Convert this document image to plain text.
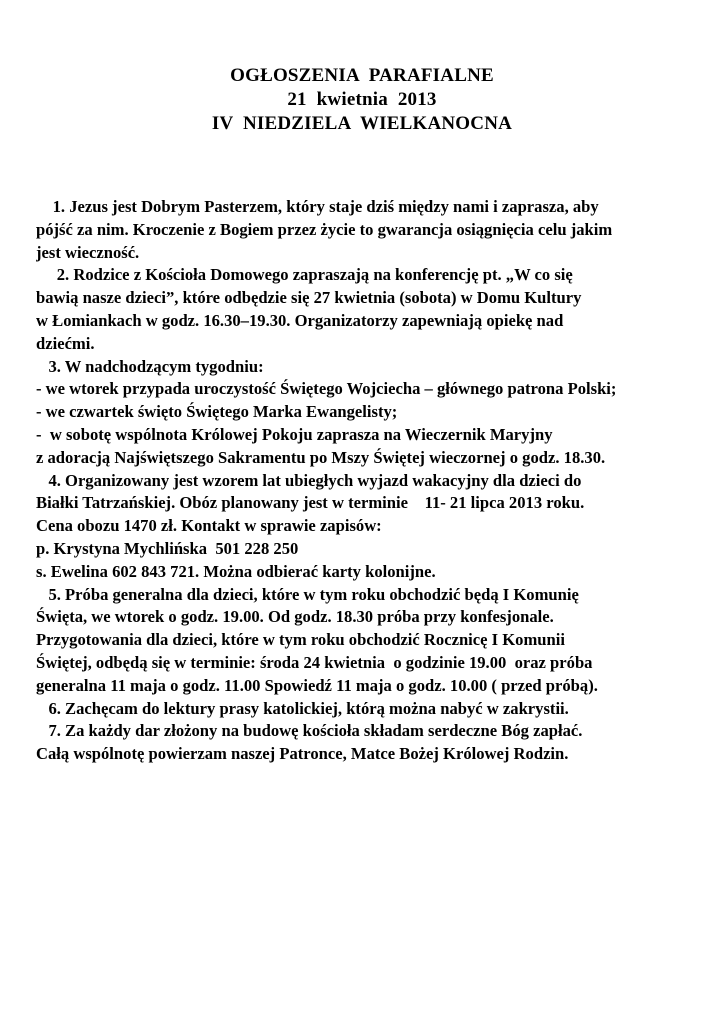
OGŁOSZENIA  PARAFIALNE
21  kwietnia  2013
IV  NIEDZIELA  WIELKANOCNA
1. Jezus jest Dobrym Pasterzem, który staje dziś między nami i zaprasza, aby
pójść za nim. Kroczenie z Bogiem przez życie to gwarancja osiągnięcia celu jakim
jest wieczność.
2. Rodzice z Kościoła Domowego zapraszają na konferencję pt. „W co się
bawią nasze dzieci”, które odbędzie się 27 kwietnia (sobota) w Domu Kultury
w Łomiankach w godz. 16.30–19.30. Organizatorzy zapewniają opiekę nad
dziećmi.
3. W nadchodzącym tygodniu:
- we wtorek przypada uroczystość Świętego Wojciecha – głównego patrona Polski;
- we czwartek święto Świętego Marka Ewangelisty;
-  w sobotę wspólnota Królowej Pokoju zaprasza na Wieczernik Maryjny
z adoracją Najświętszego Sakramentu po Mszy Świętej wieczornej o godz. 18.30.
4. Organizowany jest wzorem lat ubiegłych wyjazd wakacyjny dla dzieci do
Białki Tatrzańskiej. Obóz planowany jest w terminie    11- 21 lipca 2013 roku.
Cena obozu 1470 zł. Kontakt w sprawie zapisów:
p. Krystyna Mychlińska  501 228 250
s. Ewelina 602 843 721. Można odbierać karty kolonijne.
5. Próba generalna dla dzieci, które w tym roku obchodzić będą I Komunię
Święta, we wtorek o godz. 19.00. Od godz. 18.30 próba przy konfesjonale.
Przygotowania dla dzieci, które w tym roku obchodzić Rocznicę I Komunii
Świętej, odbędą się w terminie: środa 24 kwietnia  o godzinie 19.00  oraz próba
generalna 11 maja o godz. 11.00 Spowiedź 11 maja o godz. 10.00 ( przed próbą).
6. Zachęcam do lektury prasy katolickiej, którą można nabyć w zakrystii.
7. Za każdy dar złożony na budowę kościoła składam serdeczne Bóg zapłać.
Całą wspólnotę powierzam naszej Patronce, Matce Bożej Królowej Rodzin.
